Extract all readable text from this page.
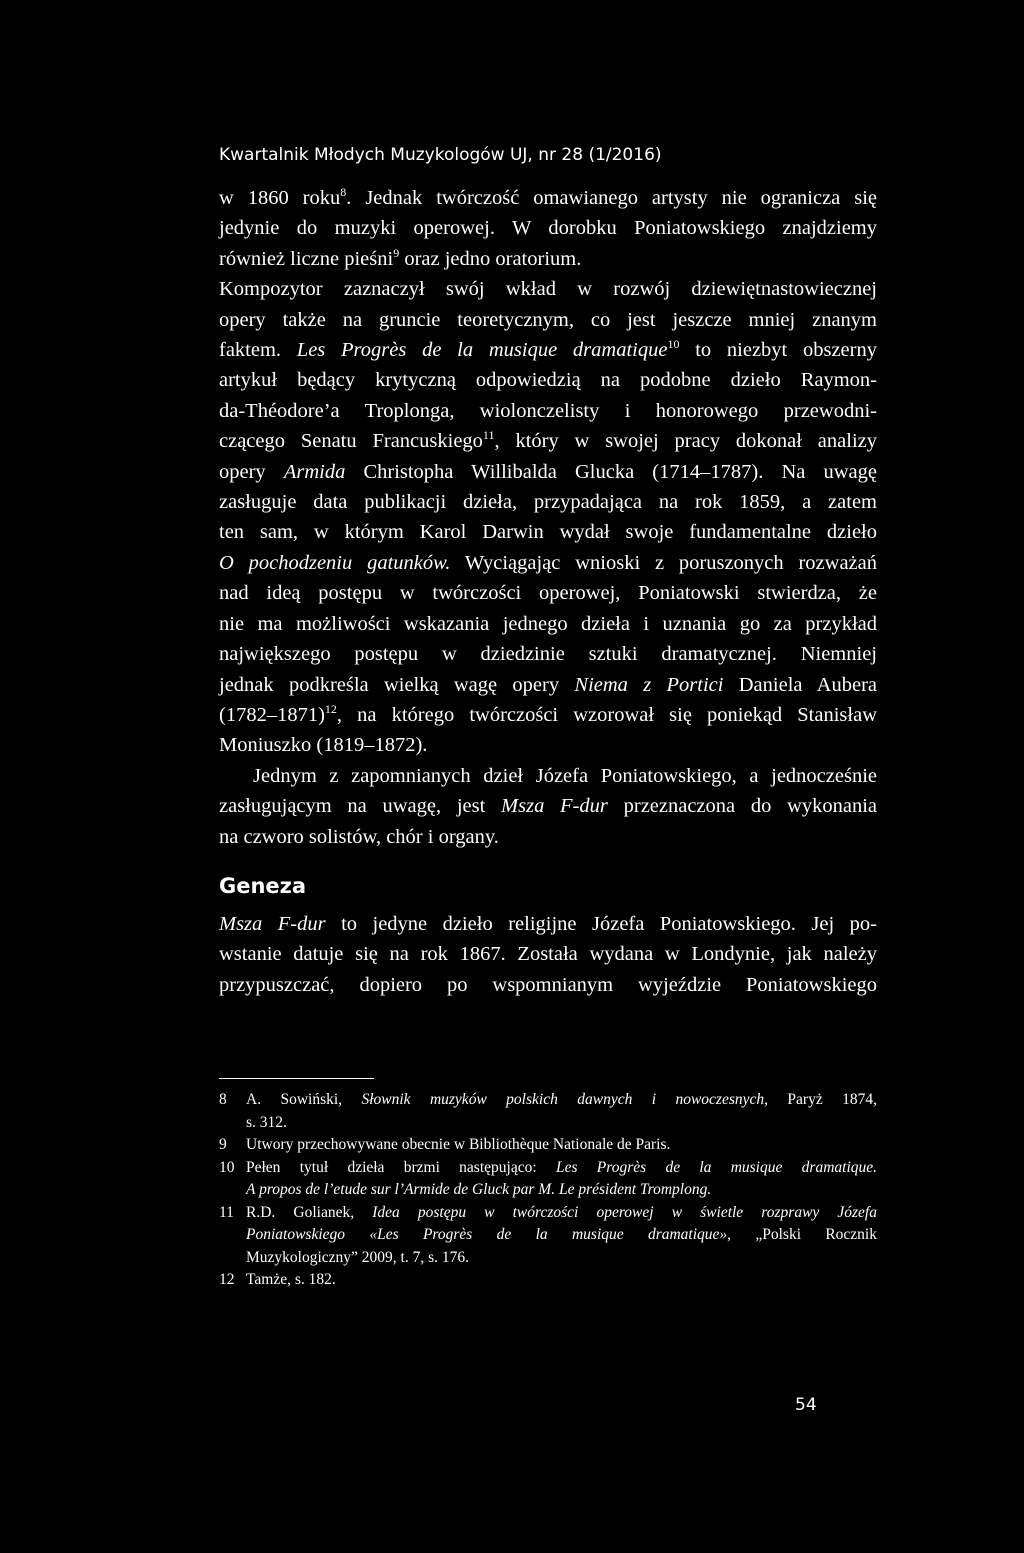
Kwartalnik Młodych Muzykologów UJ, nr 28 (1/2016)

w 1860 roku$^8$. Jednak twórczość omawianego artysty nie ogranicza się
jedynie do muzyki operowej. W dorobku Poniatowskiego znajdziemy
również liczne pieśni$^9$ oraz jedno oratorium.
Kompozytor zaznaczył swój wkład w rozwój dziewiętnastowiecznej
opery także na gruncie teoretycznym, co jest jeszcze mniej znanym
faktem. Les Progrès de la musique dramatique$^{10}$ to niezbyt obszerny
artykuł będący krytyczną odpowiedzią na podobne dzieło Raymon-
da-Théodore’a Troplonga, wiolonczelisty i honorowego przewodni-
czącego Senatu Francuskiego$^{11}$, który w swojej pracy dokonał analizy
opery Armida Christopha Willibalda Glucka (1714–1787). Na uwagę
zasługuje data publikacji dzieła, przypadająca na rok 1859, a zatem
ten sam, w którym Karol Darwin wydał swoje fundamentalne dzieło
O pochodzeniu gatunków. Wyciągając wnioski z poruszonych rozważań
nad ideą postępu w twórczości operowej, Poniatowski stwierdza, że
nie ma możliwości wskazania jednego dzieła i uznania go za przykład
największego postępu w dziedzinie sztuki dramatycznej. Niemniej
jednak podkreśla wielką wagę opery Niema z Portici Daniela Aubera
(1782–1871)$^{12}$, na którego twórczości wzorował się poniekąd Stanisław
Moniuszko (1819–1872).

Jednym z zapomnianych dzieł Józefa Poniatowskiego, a jednocześnie
zasługującym na uwagę, jest Msza F-dur przeznaczona do wykonania
na czworo solistów, chór i organy.

Geneza

Msza F-dur to jedyne dzieło religijne Józefa Poniatowskiego. Jej po-
wstanie datuje się na rok 1867. Została wydana w Londynie, jak należy
przypuszczać, dopiero po wspomnianym wyjeździe Poniatowskiego

8	A. Sowiński, Słownik muzyków polskich dawnych i nowoczesnych, Paryż 1874,
s. 312.
9	Utwory przechowywane obecnie w Bibliothèque Nationale de Paris.
10 Pełen tytuł dzieła brzmi następująco: Les Progrès de la musique dramatique.
A propos de l’etude sur l’Armide de Gluck par M. Le président Tromplong.
11 R.D. Golianek, Idea postępu w twórczości operowej w świetle rozprawy Józefa
Poniatowskiego «Les Progrès de la musique dramatique», „Polski Rocznik
Muzykologiczny” 2009, t. 7, s. 176.
12 Tamże, s. 182.
54
